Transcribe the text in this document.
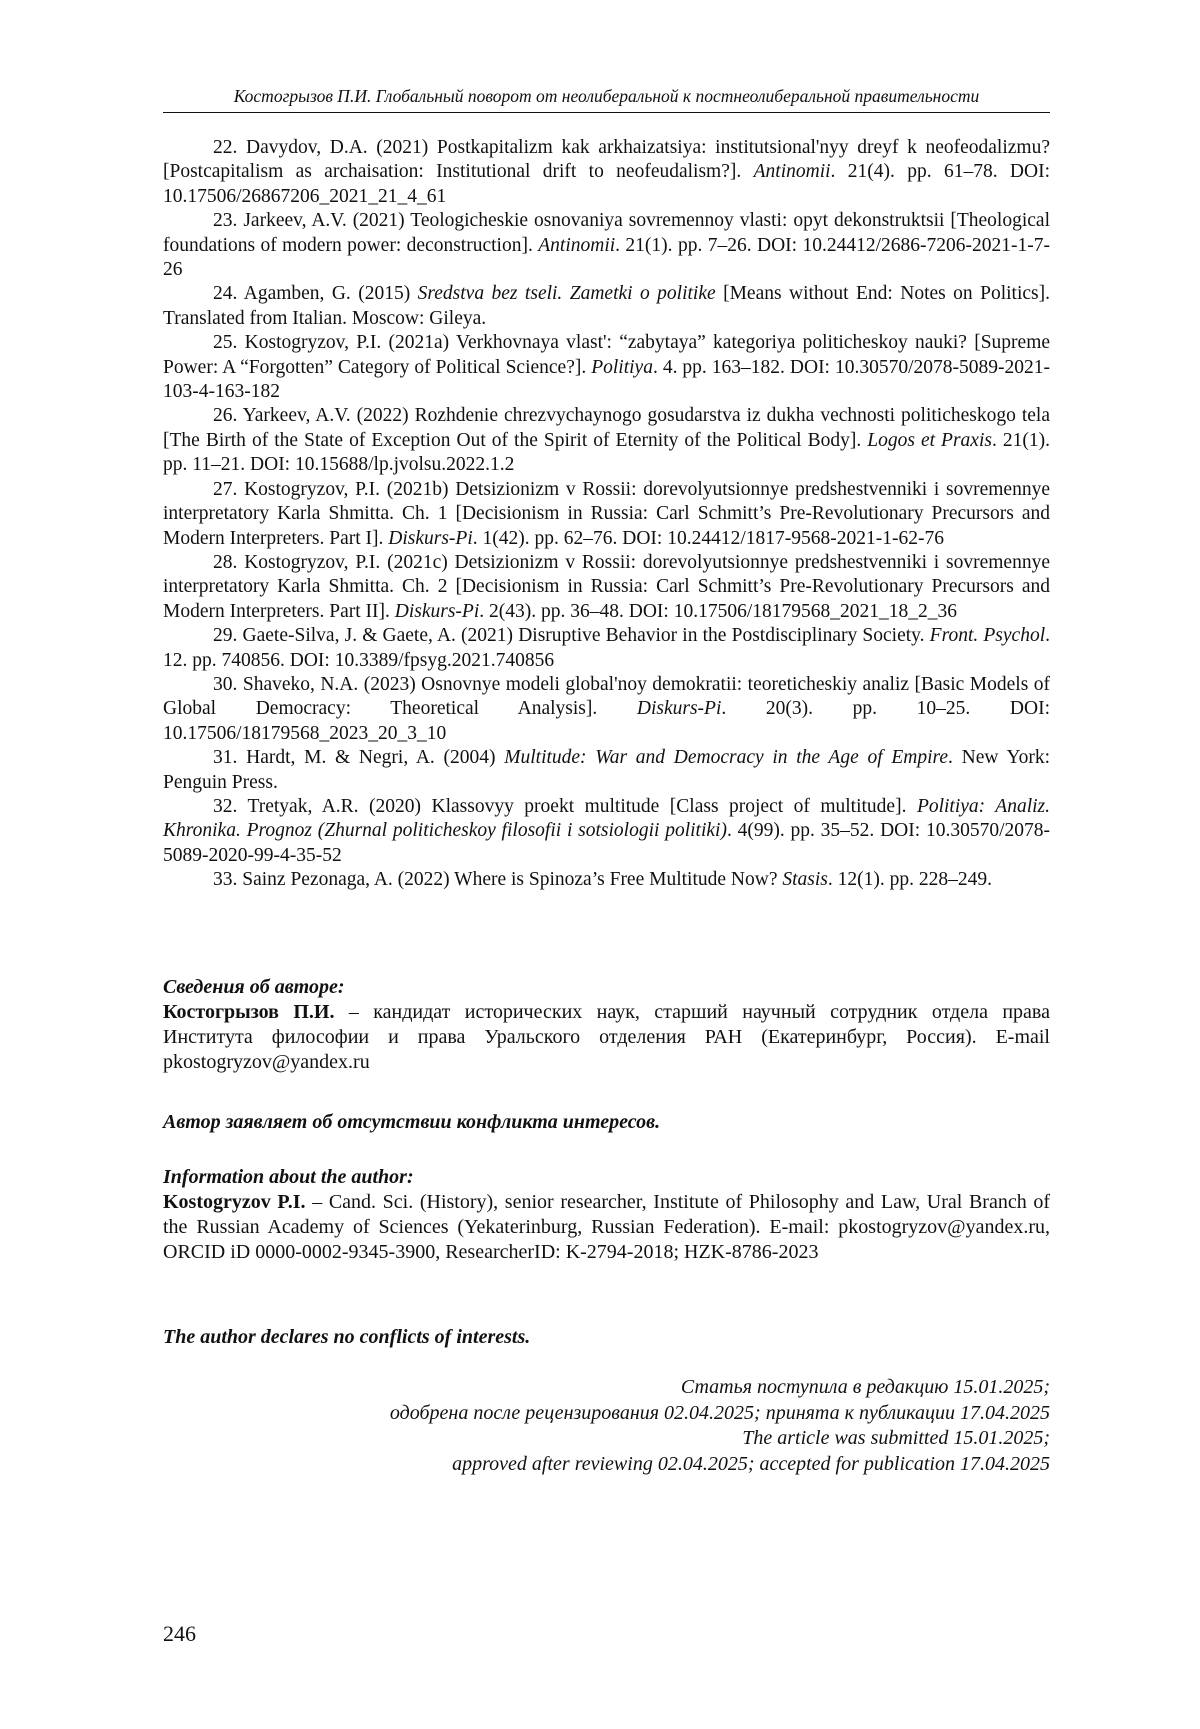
Костогрызов П.И. Глобальный поворот от неолиберальной к постнеолиберальной правительности

22. Davydov, D.A. (2021) Postkapitalizm kak arkhaizatsiya: institutsional'nyy dreyf k neofeodalizmu? [Postcapitalism as archaisation: Institutional drift to neofeudalism?]. Antinomii. 21(4). pp. 61–78. DOI: 10.17506/26867206_2021_21_4_61

23. Jarkeev, A.V. (2021) Teologicheskie osnovaniya sovremennoy vlasti: opyt dekonstruktsii [Theological foundations of modern power: deconstruction]. Antinomii. 21(1). pp. 7–26. DOI: 10.24412/2686-7206-2021-1-7-26

24. Agamben, G. (2015) Sredstva bez tseli. Zametki o politike [Means without End: Notes on Politics]. Translated from Italian. Moscow: Gileya.

25. Kostogryzov, P.I. (2021a) Verkhovnaya vlast': “zabytaya” kategoriya politicheskoy nauki? [Supreme Power: A “Forgotten” Category of Political Science?]. Politiya. 4. pp. 163–182. DOI: 10.30570/2078-5089-2021-103-4-163-182

26. Yarkeev, A.V. (2022) Rozhdenie chrezvychaynogo gosudarstva iz dukha vechnosti politicheskogo tela [The Birth of the State of Exception Out of the Spirit of Eternity of the Political Body]. Logos et Praxis. 21(1). pp. 11–21. DOI: 10.15688/lp.jvolsu.2022.1.2

27. Kostogryzov, P.I. (2021b) Detsizionizm v Rossii: dorevolyutsionnye predshestvenniki i sovremennye interpretatory Karla Shmitta. Ch. 1 [Decisionism in Russia: Carl Schmitt’s Pre-Revolutionary Precursors and Modern Interpreters. Part I]. Diskurs-Pi. 1(42). pp. 62–76. DOI: 10.24412/1817-9568-2021-1-62-76

28. Kostogryzov, P.I. (2021c) Detsizionizm v Rossii: dorevolyutsionnye predshestvenniki i sovremennye interpretatory Karla Shmitta. Ch. 2 [Decisionism in Russia: Carl Schmitt’s Pre-Revolutionary Precursors and Modern Interpreters. Part II]. Diskurs-Pi. 2(43). pp. 36–48. DOI: 10.17506/18179568_2021_18_2_36

29. Gaete-Silva, J. & Gaete, A. (2021) Disruptive Behavior in the Postdisciplinary Society. Front. Psychol. 12. pp. 740856. DOI: 10.3389/fpsyg.2021.740856

30. Shaveko, N.A. (2023) Osnovnye modeli global'noy demokratii: teoreticheskiy analiz [Basic Models of Global Democracy: Theoretical Analysis]. Diskurs-Pi. 20(3). pp. 10–25. DOI: 10.17506/18179568_2023_20_3_10

31. Hardt, M. & Negri, A. (2004) Multitude: War and Democracy in the Age of Empire. New York: Penguin Press.

32. Tretyak, A.R. (2020) Klassovyy proekt multitude [Class project of multitude]. Politiya: Analiz. Khronika. Prognoz (Zhurnal politicheskoy filosofii i sotsiologii politiki). 4(99). pp. 35–52. DOI: 10.30570/2078-5089-2020-99-4-35-52

33. Sainz Pezonaga, A. (2022) Where is Spinoza’s Free Multitude Now? Stasis. 12(1). pp. 228–249.

Сведения об авторе:
Костогрызов П.И. – кандидат исторических наук, старший научный сотрудник отдела права Института философии и права Уральского отделения РАН (Екатеринбург, Россия). E-mail pkostogryzov@yandex.ru
Автор заявляет об отсутствии конфликта интересов.
Information about the author:
Kostogryzov P.I. – Cand. Sci. (History), senior researcher, Institute of Philosophy and Law, Ural Branch of the Russian Academy of Sciences (Yekaterinburg, Russian Federation). E-mail: pkostogryzov@yandex.ru, ORCID iD 0000-0002-9345-3900, ResearcherID: K-2794-2018; HZK-8786-2023
The author declares no conflicts of interests.
Статья поступила в редакцию 15.01.2025;
одобрена после рецензирования 02.04.2025; принята к публикации 17.04.2025
The article was submitted 15.01.2025;
approved after reviewing 02.04.2025; accepted for publication 17.04.2025
246
